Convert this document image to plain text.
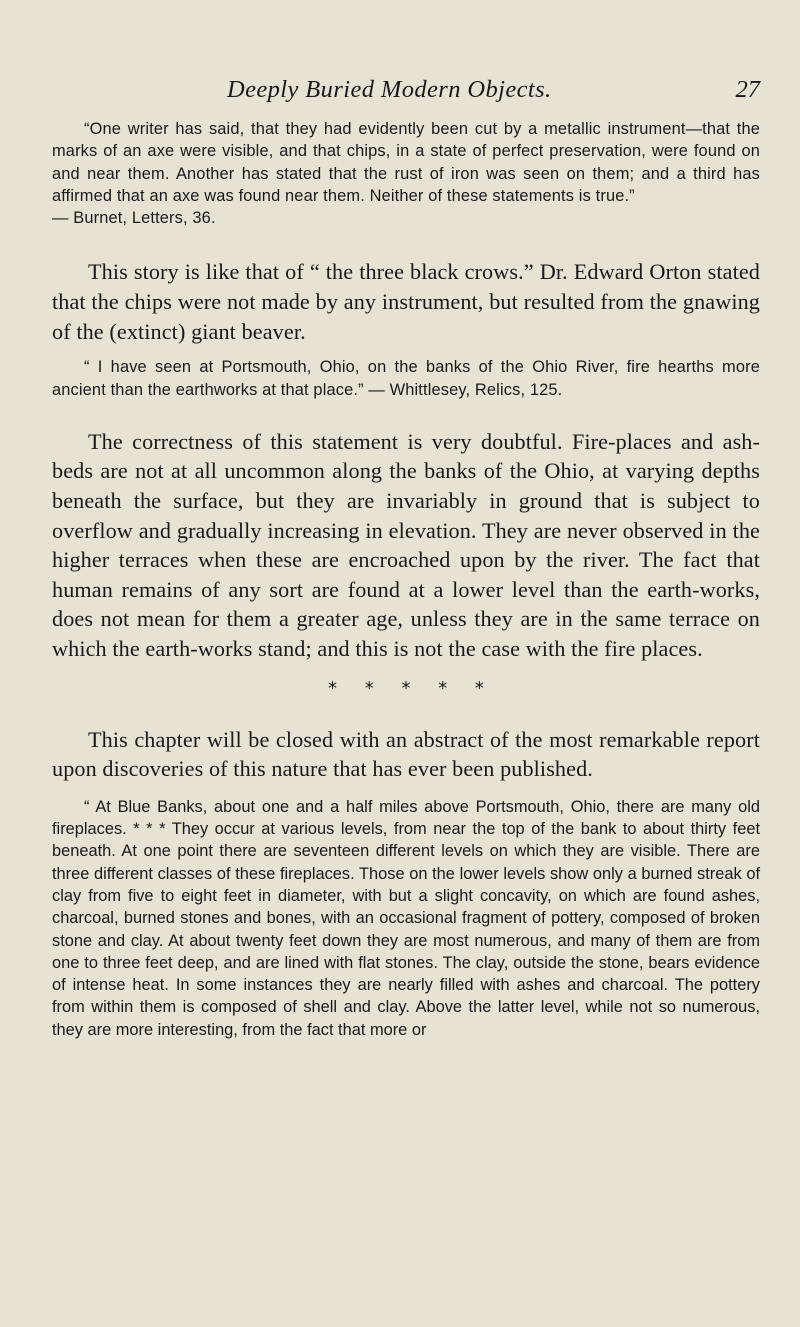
Deeply Buried Modern Objects.	27

“One writer has said, that they had evidently been cut by a metallic instrument—that the marks of an axe were visible, and that chips, in a state of perfect preservation, were found on and near them. Another has stated that the rust of iron was seen on them; and a third has affirmed that an axe was found near them. Neither of these statements is true.”
— Burnet, Letters, 36.

This story is like that of “ the three black crows.” Dr. Edward Orton stated that the chips were not made by any instrument, but resulted from the gnawing of the (extinct) giant beaver.

“ I have seen at Portsmouth, Ohio, on the banks of the Ohio River, fire hearths more ancient than the earthworks at that place.” — Whittlesey, Relics, 125.

The correctness of this statement is very doubtful. Fire-places and ash-beds are not at all uncommon along the banks of the Ohio, at varying depths beneath the surface, but they are invariably in ground that is subject to overflow and gradually increasing in elevation. They are never observed in the higher terraces when these are encroached upon by the river. The fact that human remains of any sort are found at a lower level than the earth-works, does not mean for them a greater age, unless they are in the same terrace on which the earth-works stand; and this is not the case with the fire places.

* * * * *

This chapter will be closed with an abstract of the most remarkable report upon discoveries of this nature that has ever been published.

“ At Blue Banks, about one and a half miles above Portsmouth, Ohio, there are many old fireplaces. * * * They occur at various levels, from near the top of the bank to about thirty feet beneath. At one point there are seventeen different levels on which they are visible. There are three different classes of these fireplaces. Those on the lower levels show only a burned streak of clay from five to eight feet in diameter, with but a slight concavity, on which are found ashes, charcoal, burned stones and bones, with an occasional fragment of pottery, composed of broken stone and clay. At about twenty feet down they are most numerous, and many of them are from one to three feet deep, and are lined with flat stones. The clay, outside the stone, bears evidence of intense heat. In some instances they are nearly filled with ashes and charcoal. The pottery from within them is composed of shell and clay. Above the latter level, while not so numerous, they are more interesting, from the fact that more or
